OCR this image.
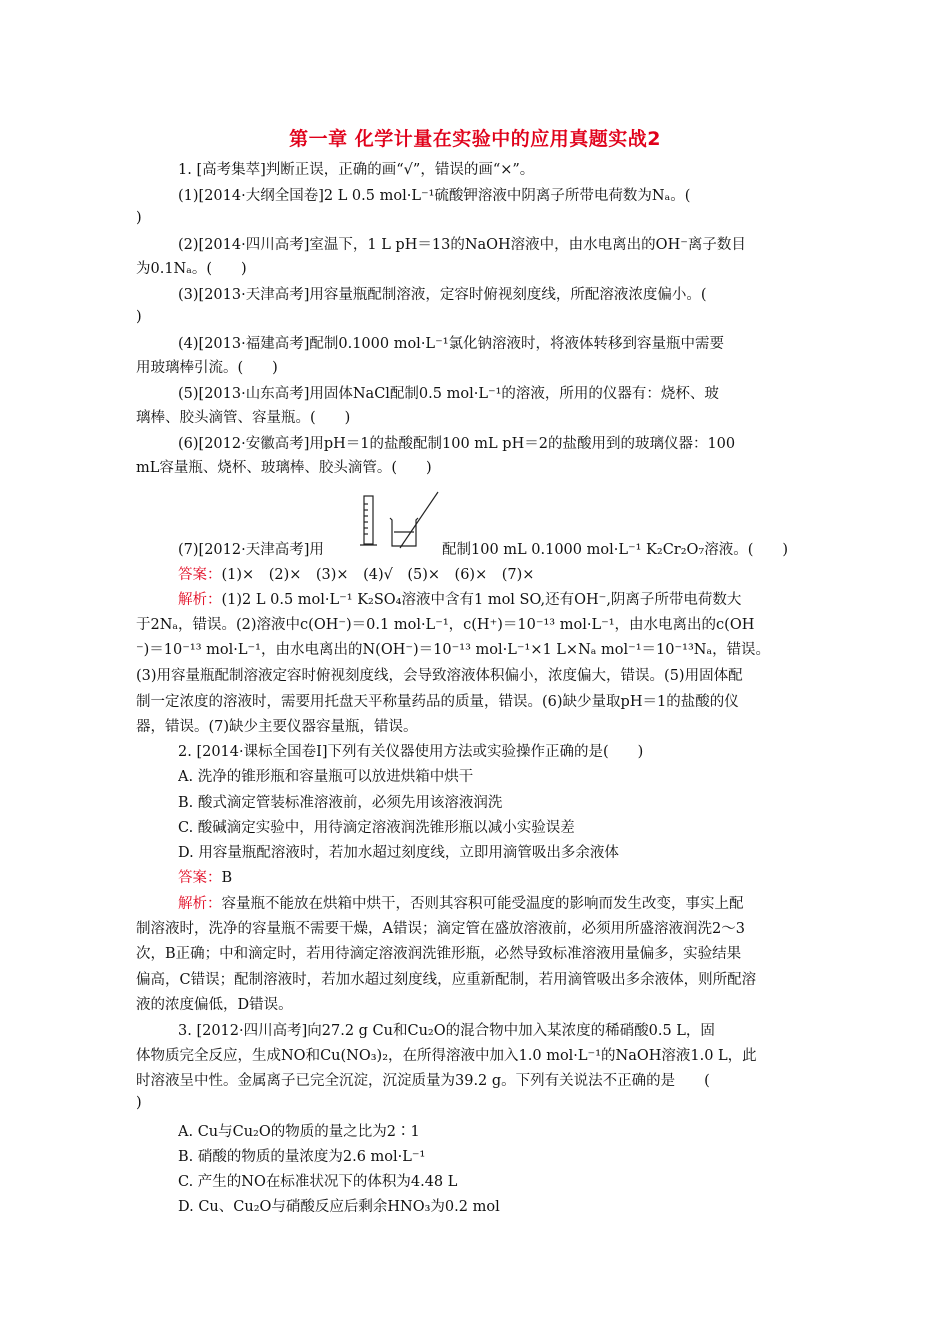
第一章 化学计量在实验中的应用真题实战2
1. [高考集萃]判断正误，正确的画“√”，错误的画“×”。
(1)[2014·大纲全国卷]2 L 0.5 mol·L⁻¹硫酸钾溶液中阴离子所带电荷数为Nₐ。(
)
(2)[2014·四川高考]室温下，1 L pH＝13的NaOH溶液中，由水电离出的OH⁻离子数目
为0.1Nₐ。(　　)
(3)[2013·天津高考]用容量瓶配制溶液，定容时俯视刻度线，所配溶液浓度偏小。(
)
(4)[2013·福建高考]配制0.1000 mol·L⁻¹氯化钠溶液时，将液体转移到容量瓶中需要
用玻璃棒引流。(　　)
(5)[2013·山东高考]用固体NaCl配制0.5 mol·L⁻¹的溶液，所用的仪器有：烧杯、玻
璃棒、胶头滴管、容量瓶。(　　)
(6)[2012·安徽高考]用pH＝1的盐酸配制100 mL pH＝2的盐酸用到的玻璃仪器：100
mL容量瓶、烧杯、玻璃棒、胶头滴管。(　　)
(7)[2012·天津高考]用	配制100 mL 0.1000 mol·L⁻¹ K₂Cr₂O₇溶液。(　　)
答案：(1)×　(2)×　(3)×　(4)√　(5)×　(6)×　(7)×
解析：(1)2 L 0.5 mol·L⁻¹ K₂SO₄溶液中含有1 mol SO,还有OH⁻,阴离子所带电荷数大
于2Nₐ，错误。(2)溶液中c(OH⁻)＝0.1 mol·L⁻¹，c(H⁺)＝10⁻¹³ mol·L⁻¹，由水电离出的c(OH
⁻)＝10⁻¹³ mol·L⁻¹，由水电离出的N(OH⁻)＝10⁻¹³ mol·L⁻¹×1 L×Nₐ mol⁻¹＝10⁻¹³Nₐ，错误。
(3)用容量瓶配制溶液定容时俯视刻度线，会导致溶液体积偏小，浓度偏大，错误。(5)用固体配
制一定浓度的溶液时，需要用托盘天平称量药品的质量，错误。(6)缺少量取pH＝1的盐酸的仪
器，错误。(7)缺少主要仪器容量瓶，错误。
2. [2014·课标全国卷Ⅰ]下列有关仪器使用方法或实验操作正确的是(　　)
A. 洗净的锥形瓶和容量瓶可以放进烘箱中烘干
B. 酸式滴定管装标准溶液前，必须先用该溶液润洗
C. 酸碱滴定实验中，用待滴定溶液润洗锥形瓶以减小实验误差
D. 用容量瓶配溶液时，若加水超过刻度线，立即用滴管吸出多余液体
答案：B
解析：容量瓶不能放在烘箱中烘干，否则其容积可能受温度的影响而发生改变，事实上配
制溶液时，洗净的容量瓶不需要干燥，A错误；滴定管在盛放溶液前，必须用所盛溶液润洗2～3
次，B正确；中和滴定时，若用待滴定溶液润洗锥形瓶，必然导致标准溶液用量偏多，实验结果
偏高，C错误；配制溶液时，若加水超过刻度线，应重新配制，若用滴管吸出多余液体，则所配溶
液的浓度偏低，D错误。
3. [2012·四川高考]向27.2 g Cu和Cu₂O的混合物中加入某浓度的稀硝酸0.5 L，固
体物质完全反应，生成NO和Cu(NO₃)₂，在所得溶液中加入1.0 mol·L⁻¹的NaOH溶液1.0 L，此
时溶液呈中性。金属离子已完全沉淀，沉淀质量为39.2 g。下列有关说法不正确的是　　(
)
A. Cu与Cu₂O的物质的量之比为2∶1
B. 硝酸的物质的量浓度为2.6 mol·L⁻¹
C. 产生的NO在标准状况下的体积为4.48 L
D. Cu、Cu₂O与硝酸反应后剩余HNO₃为0.2 mol
